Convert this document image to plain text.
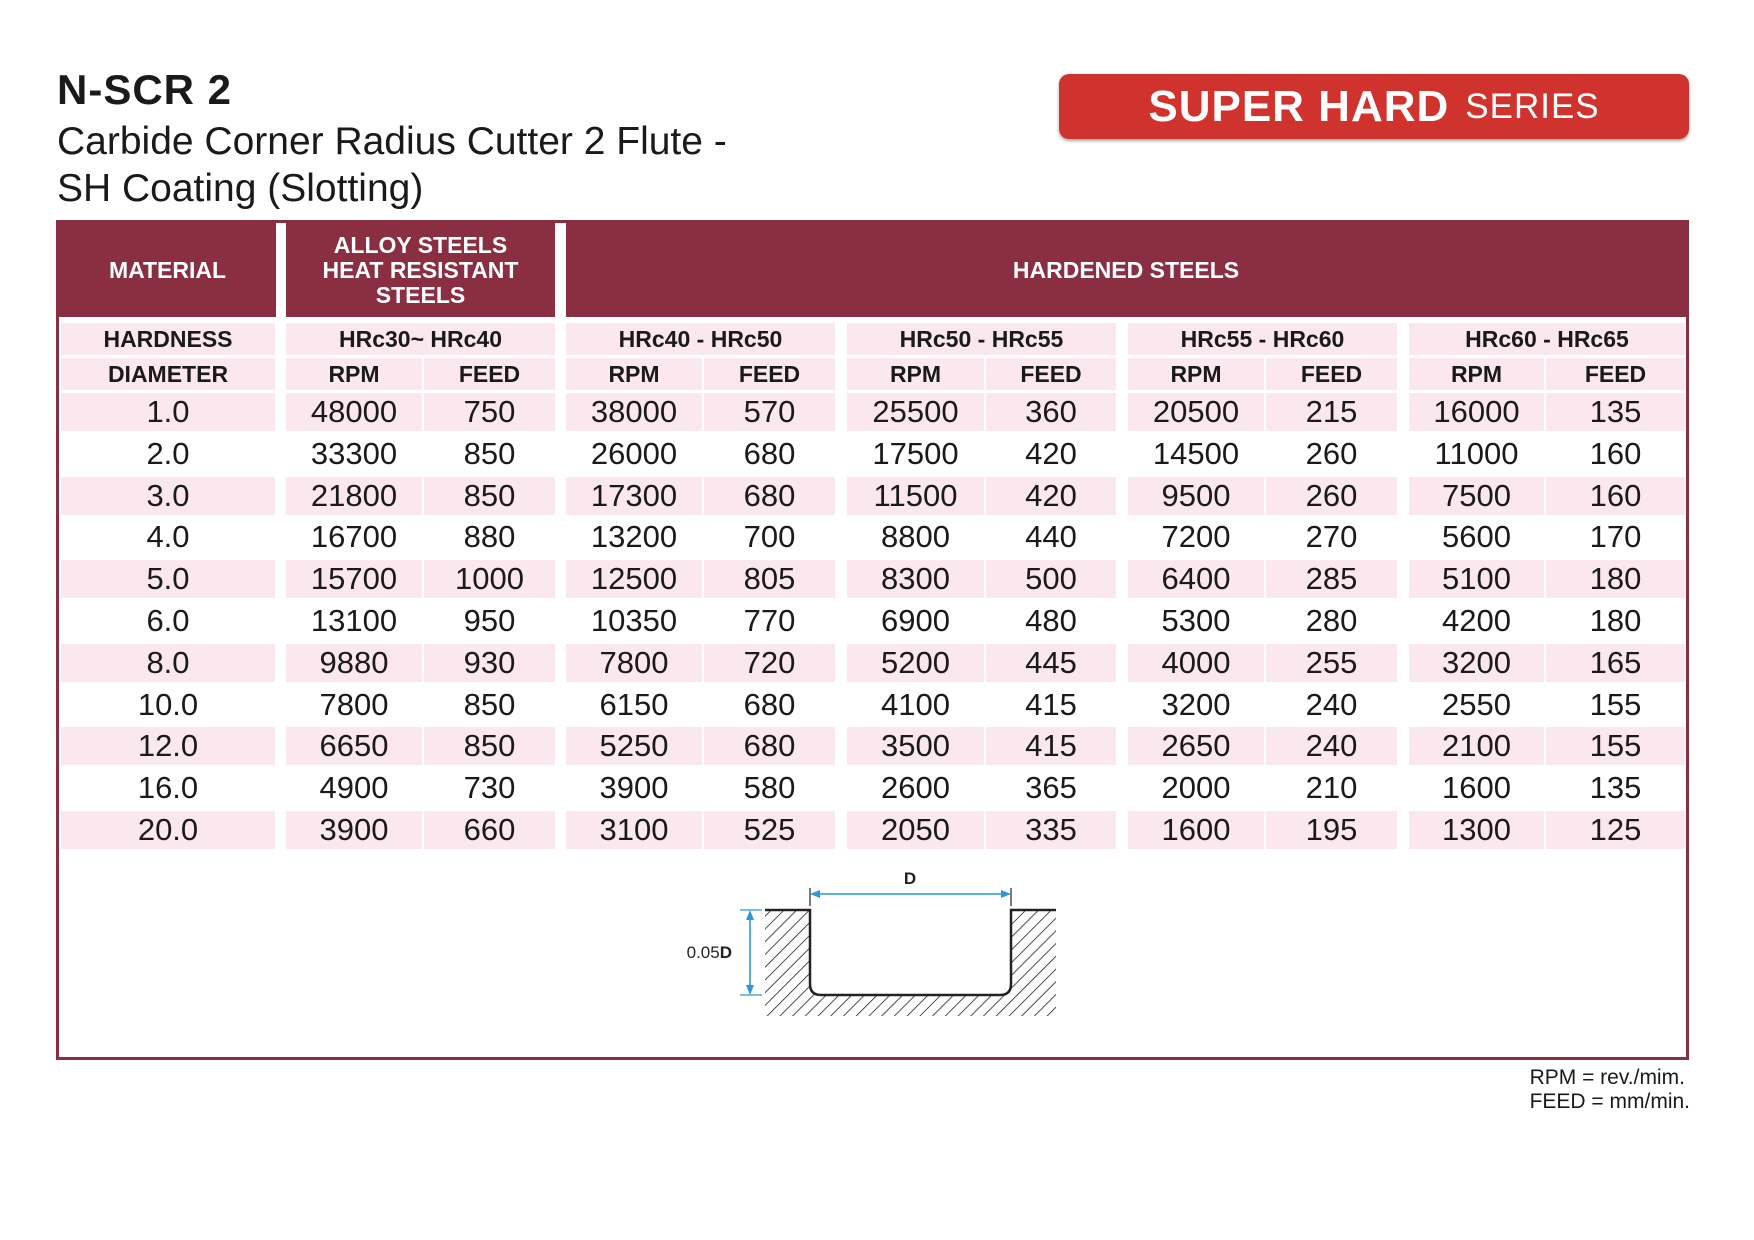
N-SCR 2
Carbide Corner Radius Cutter 2 Flute -
SH Coating (Slotting)
SUPER HARD SERIES
MATERIAL
ALLOY STEELS
HEAT RESISTANT
STEELS
HARDENED STEELS
HARDNESS	HRc30~ HRc40	HRc40 - HRc50	HRc50 - HRc55	HRc55 - HRc60	HRc60 - HRc65
DIAMETER	RPM	FEED	RPM	FEED	RPM	FEED	RPM	FEED	RPM	FEED
1.0	48000	750	38000	570	25500	360	20500	215	16000	135
2.0	33300	850	26000	680	17500	420	14500	260	11000	160
3.0	21800	850	17300	680	11500	420	9500	260	7500	160
4.0	16700	880	13200	700	8800	440	7200	270	5600	170
5.0	15700	1000	12500	805	8300	500	6400	285	5100	180
6.0	13100	950	10350	770	6900	480	5300	280	4200	180
8.0	9880	930	7800	720	5200	445	4000	255	3200	165
10.0	7800	850	6150	680	4100	415	3200	240	2550	155
12.0	6650	850	5250	680	3500	415	2650	240	2100	155
16.0	4900	730	3900	580	2600	365	2000	210	1600	135
20.0	3900	660	3100	525	2050	335	1600	195	1300	125
D
0.05D
RPM = rev./mim.
FEED = mm/min.
